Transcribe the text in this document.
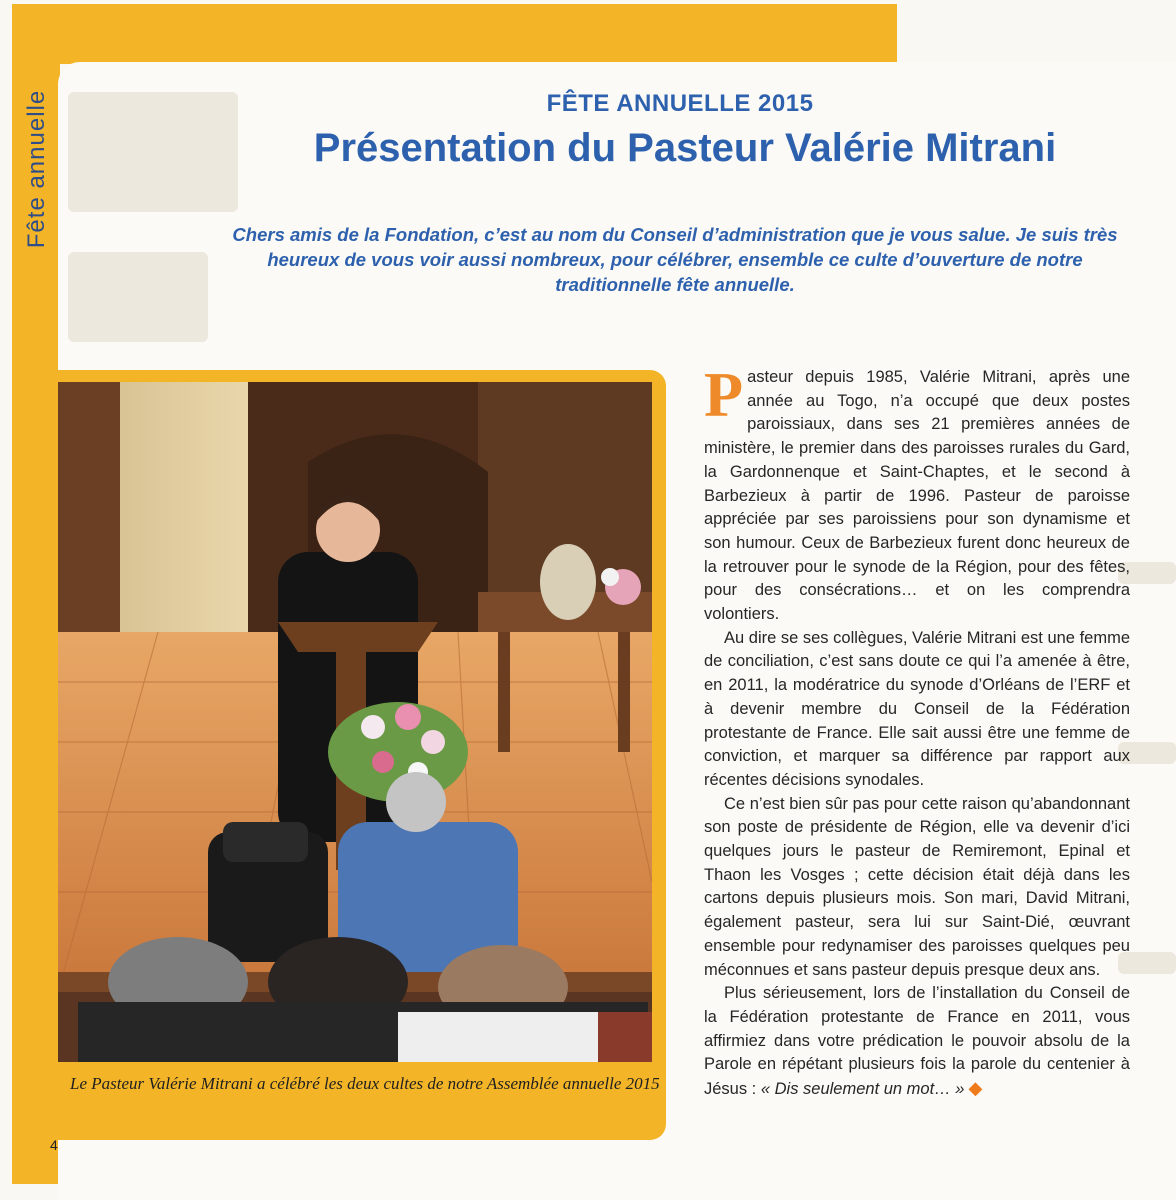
Fête annuelle	FÊTE ANNUELLE 2015
Présentation du Pasteur Valérie Mitrani
Chers amis de la Fondation, c’est au nom du Conseil d’administration que je vous salue. Je suis très heureux de vous voir aussi nombreux, pour célébrer, ensemble ce culte d’ouverture de notre traditionnelle fête annuelle.
Le Pasteur Valérie Mitrani a célébré les deux cultes de notre Assemblée annuelle 2015
4

Pasteur depuis 1985, Valérie Mitrani, après une année au Togo, n’a occupé que deux postes paroissiaux, dans ses 21 premières années de ministère, le premier dans des paroisses rurales du Gard, la Gardonnenque et Saint-Chaptes, et le second à Barbezieux à partir de 1996. Pasteur de paroisse appréciée par ses paroissiens pour son dynamisme et son humour. Ceux de Barbezieux furent donc heureux de la retrouver pour le synode de la Région, pour des fêtes, pour des consécrations… et on les comprendra volontiers.

Au dire se ses collègues, Valérie Mitrani est une femme de conciliation, c’est sans doute ce qui l’a amenée à être, en 2011, la modératrice du synode d’Orléans de l’ERF et à devenir membre du Conseil de la Fédération protestante de France. Elle sait aussi être une femme de conviction, et marquer sa différence par rapport aux récentes décisions synodales.

Ce n’est bien sûr pas pour cette raison qu’abandonnant son poste de présidente de Région, elle va devenir d’ici quelques jours le pasteur de Remiremont, Epinal et Thaon les Vosges ; cette décision était déjà dans les cartons depuis plusieurs mois. Son mari, David Mitrani, également pasteur, sera lui sur Saint-Dié, œuvrant ensemble pour redynamiser des paroisses quelques peu méconnues et sans pasteur depuis presque deux ans.

Plus sérieusement, lors de l’installation du Conseil de la Fédération protestante de France en 2011, vous affirmiez dans votre prédication le pouvoir absolu de la Parole en répétant plusieurs fois la parole du centenier à Jésus : « Dis seulement un mot… » ◆
